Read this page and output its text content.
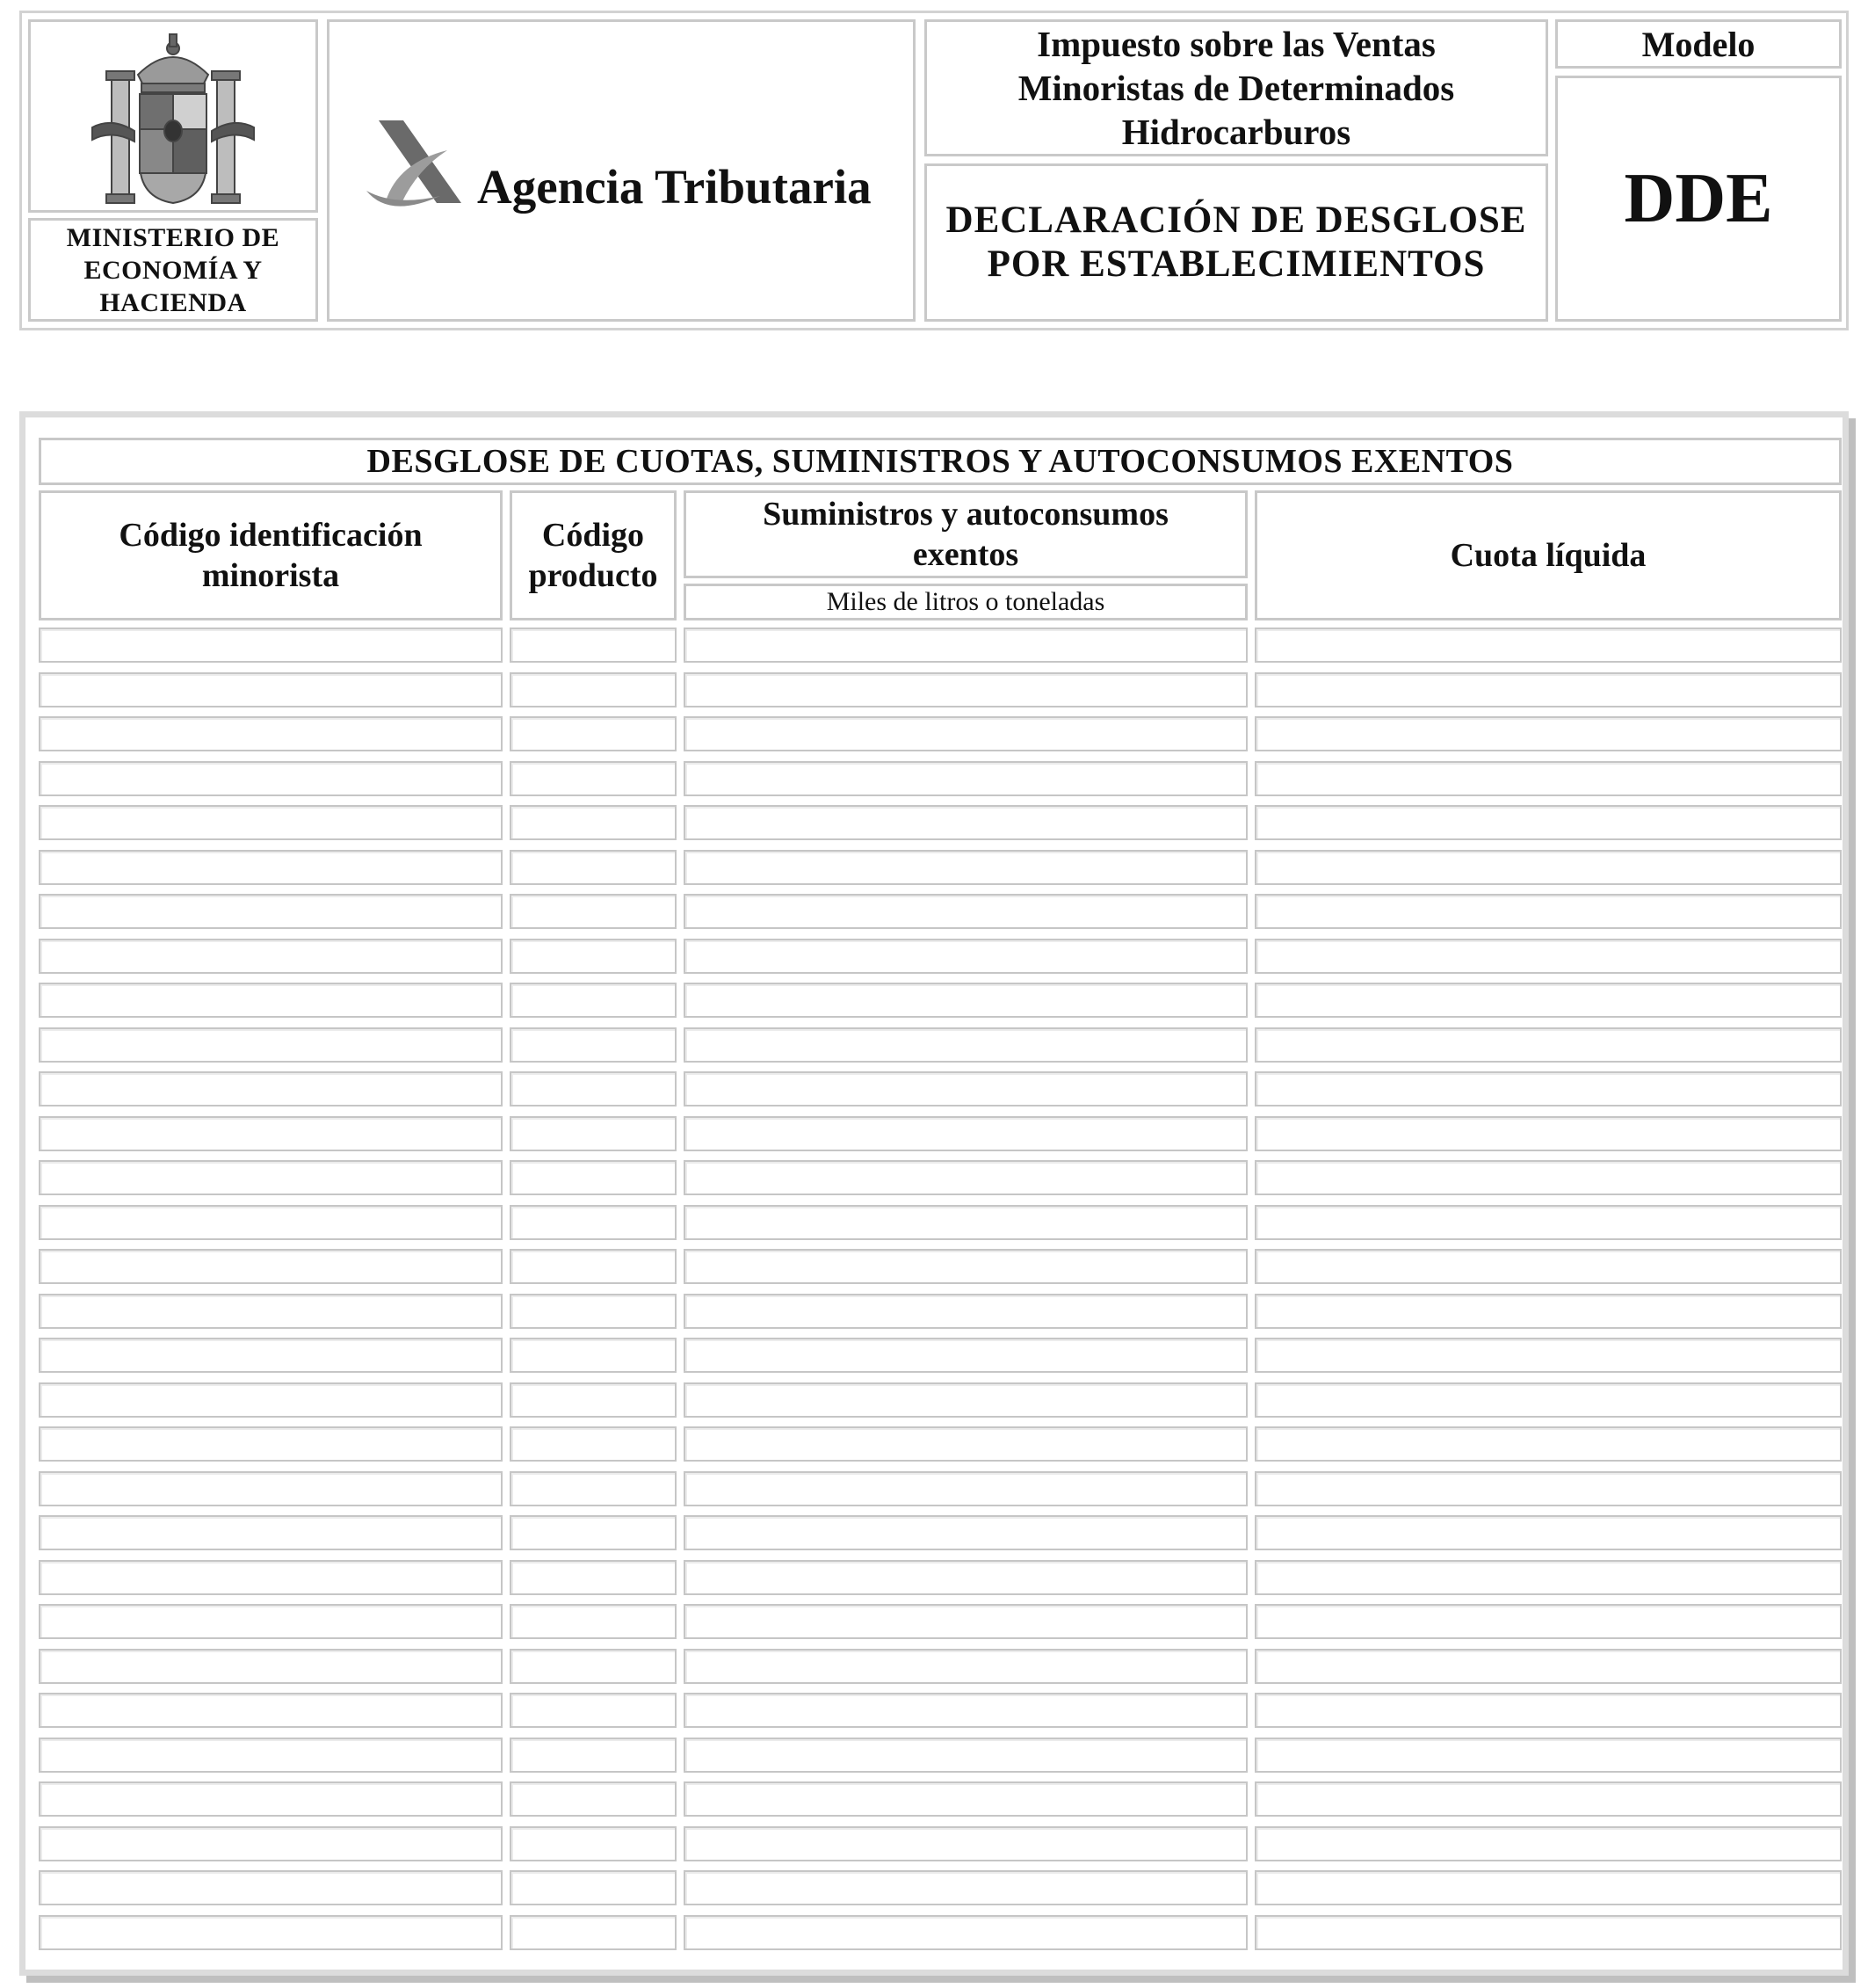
MINISTERIO DE ECONOMÍA Y HACIENDA
Agencia Tributaria
Impuesto sobre las Ventas Minoristas de Determinados Hidrocarburos
DECLARACIÓN DE DESGLOSE POR ESTABLECIMIENTOS
Modelo
DDE
DESGLOSE DE CUOTAS, SUMINISTROS Y AUTOCONSUMOS EXENTOS
Código identificación minorista
Código producto
Suministros y autoconsumos exentos
Miles de litros o toneladas
Cuota líquida
